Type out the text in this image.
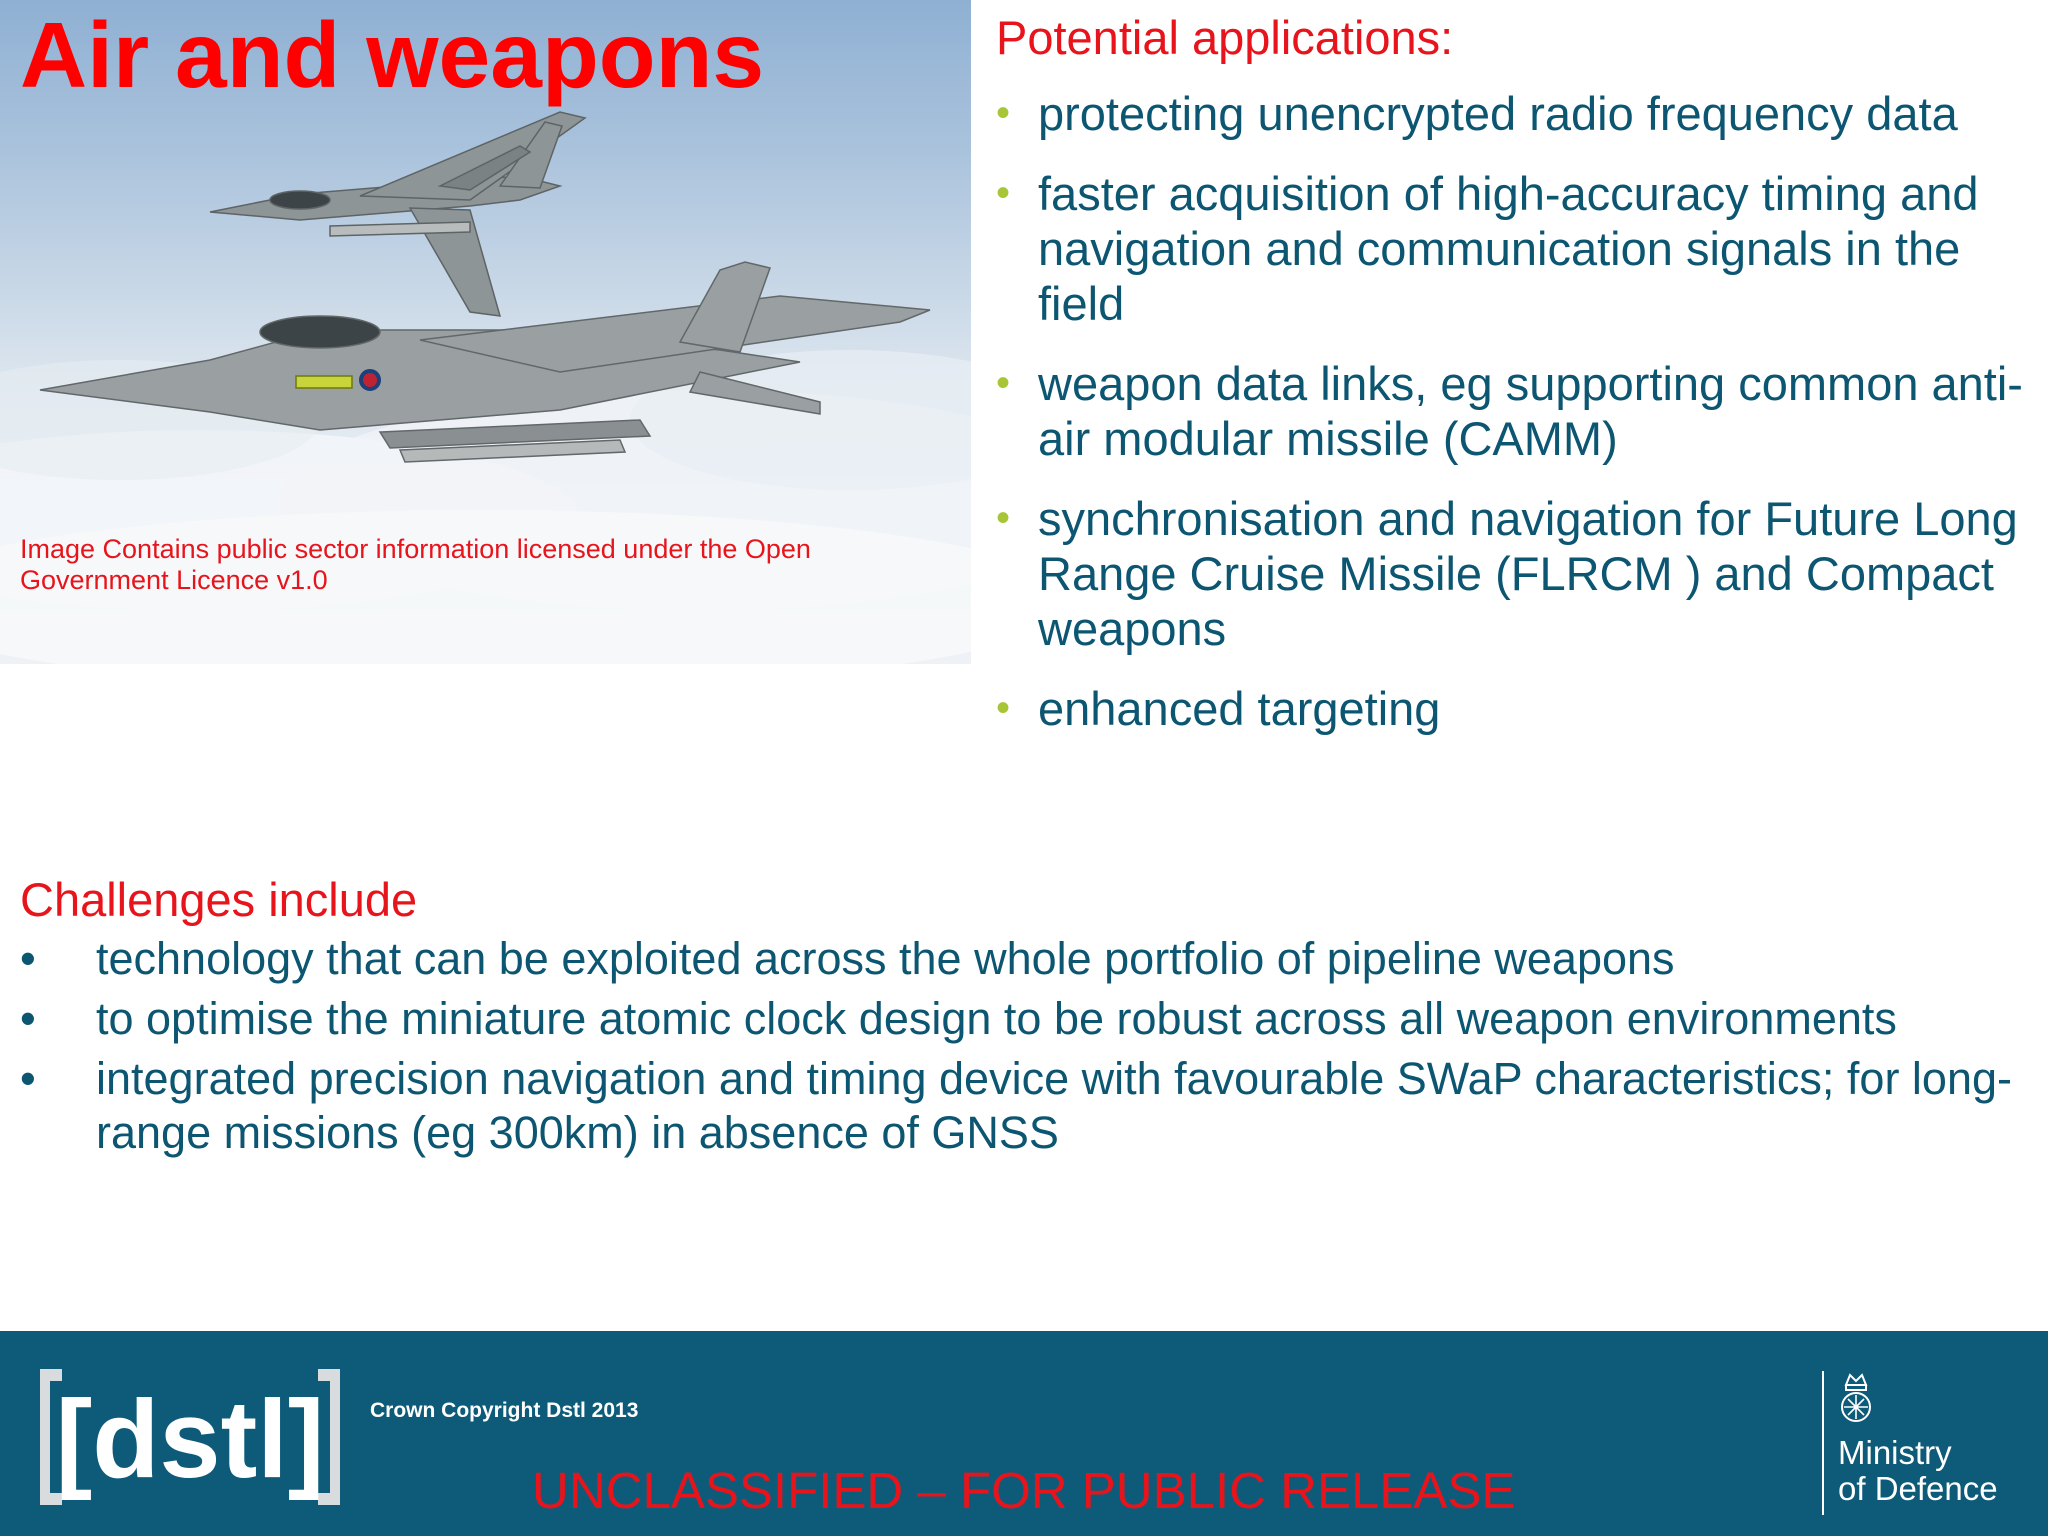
Air and weapons
Image Contains public sector information licensed under the Open Government Licence v1.0
Potential applications:
• protecting unencrypted radio frequency data
• faster acquisition of high-accuracy timing and navigation and communication signals in the field
• weapon data links, eg supporting common anti-air modular missile (CAMM)
• synchronisation and navigation for Future Long Range Cruise Missile (FLRCM ) and Compact weapons
• enhanced targeting
Challenges include
• technology that can be exploited across the whole portfolio of pipeline weapons
• to optimise the miniature atomic clock design to be robust across all weapon environments
• integrated precision navigation and timing device with favourable SWaP characteristics; for long-range missions (eg 300km) in absence of GNSS
[dstl] Crown Copyright Dstl 2013
UNCLASSIFIED – FOR PUBLIC RELEASE
Ministry
of Defence
